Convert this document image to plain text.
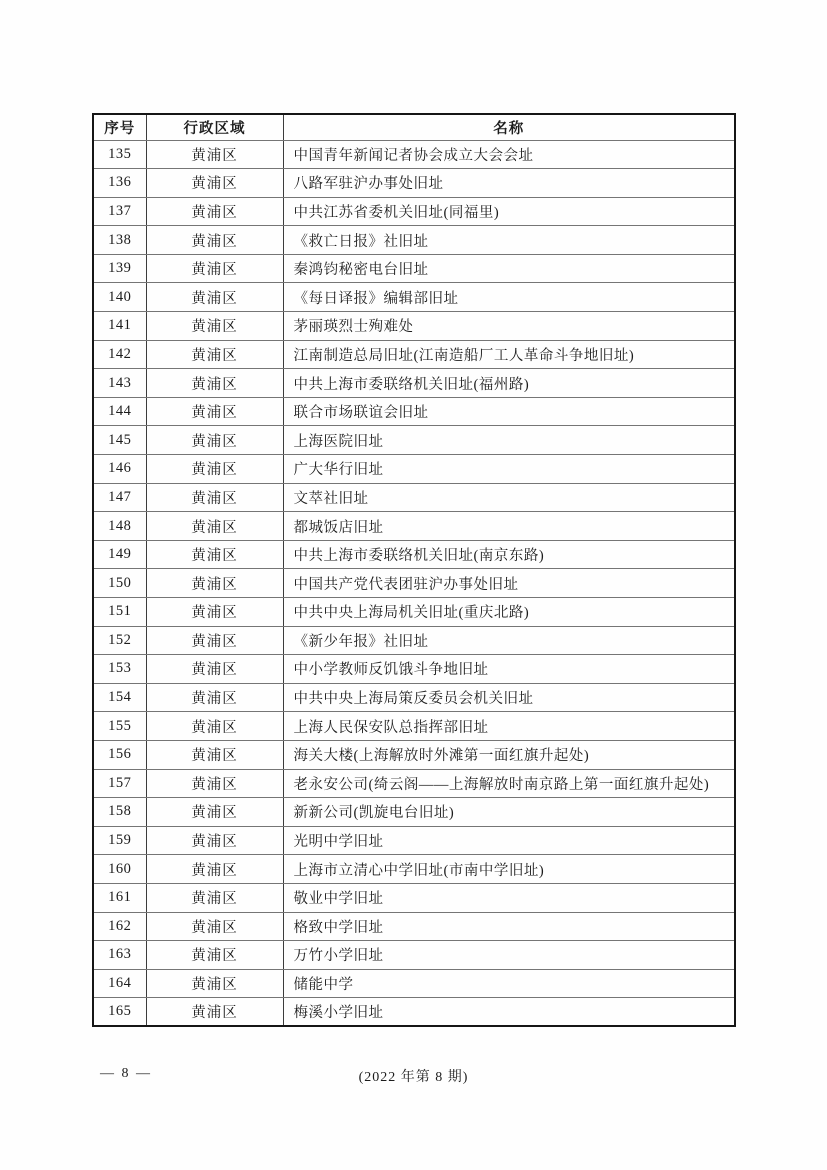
序号	行政区域	名称
135	黄浦区	中国青年新闻记者协会成立大会会址
136	黄浦区	八路军驻沪办事处旧址
137	黄浦区	中共江苏省委机关旧址(同福里)
138	黄浦区	《救亡日报》社旧址
139	黄浦区	秦鸿钧秘密电台旧址
140	黄浦区	《每日译报》编辑部旧址
141	黄浦区	茅丽瑛烈士殉难处
142	黄浦区	江南制造总局旧址(江南造船厂工人革命斗争地旧址)
143	黄浦区	中共上海市委联络机关旧址(福州路)
144	黄浦区	联合市场联谊会旧址
145	黄浦区	上海医院旧址
146	黄浦区	广大华行旧址
147	黄浦区	文萃社旧址
148	黄浦区	都城饭店旧址
149	黄浦区	中共上海市委联络机关旧址(南京东路)
150	黄浦区	中国共产党代表团驻沪办事处旧址
151	黄浦区	中共中央上海局机关旧址(重庆北路)
152	黄浦区	《新少年报》社旧址
153	黄浦区	中小学教师反饥饿斗争地旧址
154	黄浦区	中共中央上海局策反委员会机关旧址
155	黄浦区	上海人民保安队总指挥部旧址
156	黄浦区	海关大楼(上海解放时外滩第一面红旗升起处)
157	黄浦区	老永安公司(绮云阁——上海解放时南京路上第一面红旗升起处)
158	黄浦区	新新公司(凯旋电台旧址)
159	黄浦区	光明中学旧址
160	黄浦区	上海市立清心中学旧址(市南中学旧址)
161	黄浦区	敬业中学旧址
162	黄浦区	格致中学旧址
163	黄浦区	万竹小学旧址
164	黄浦区	储能中学
165	黄浦区	梅溪小学旧址
— 8 —	(2022 年第 8 期)
